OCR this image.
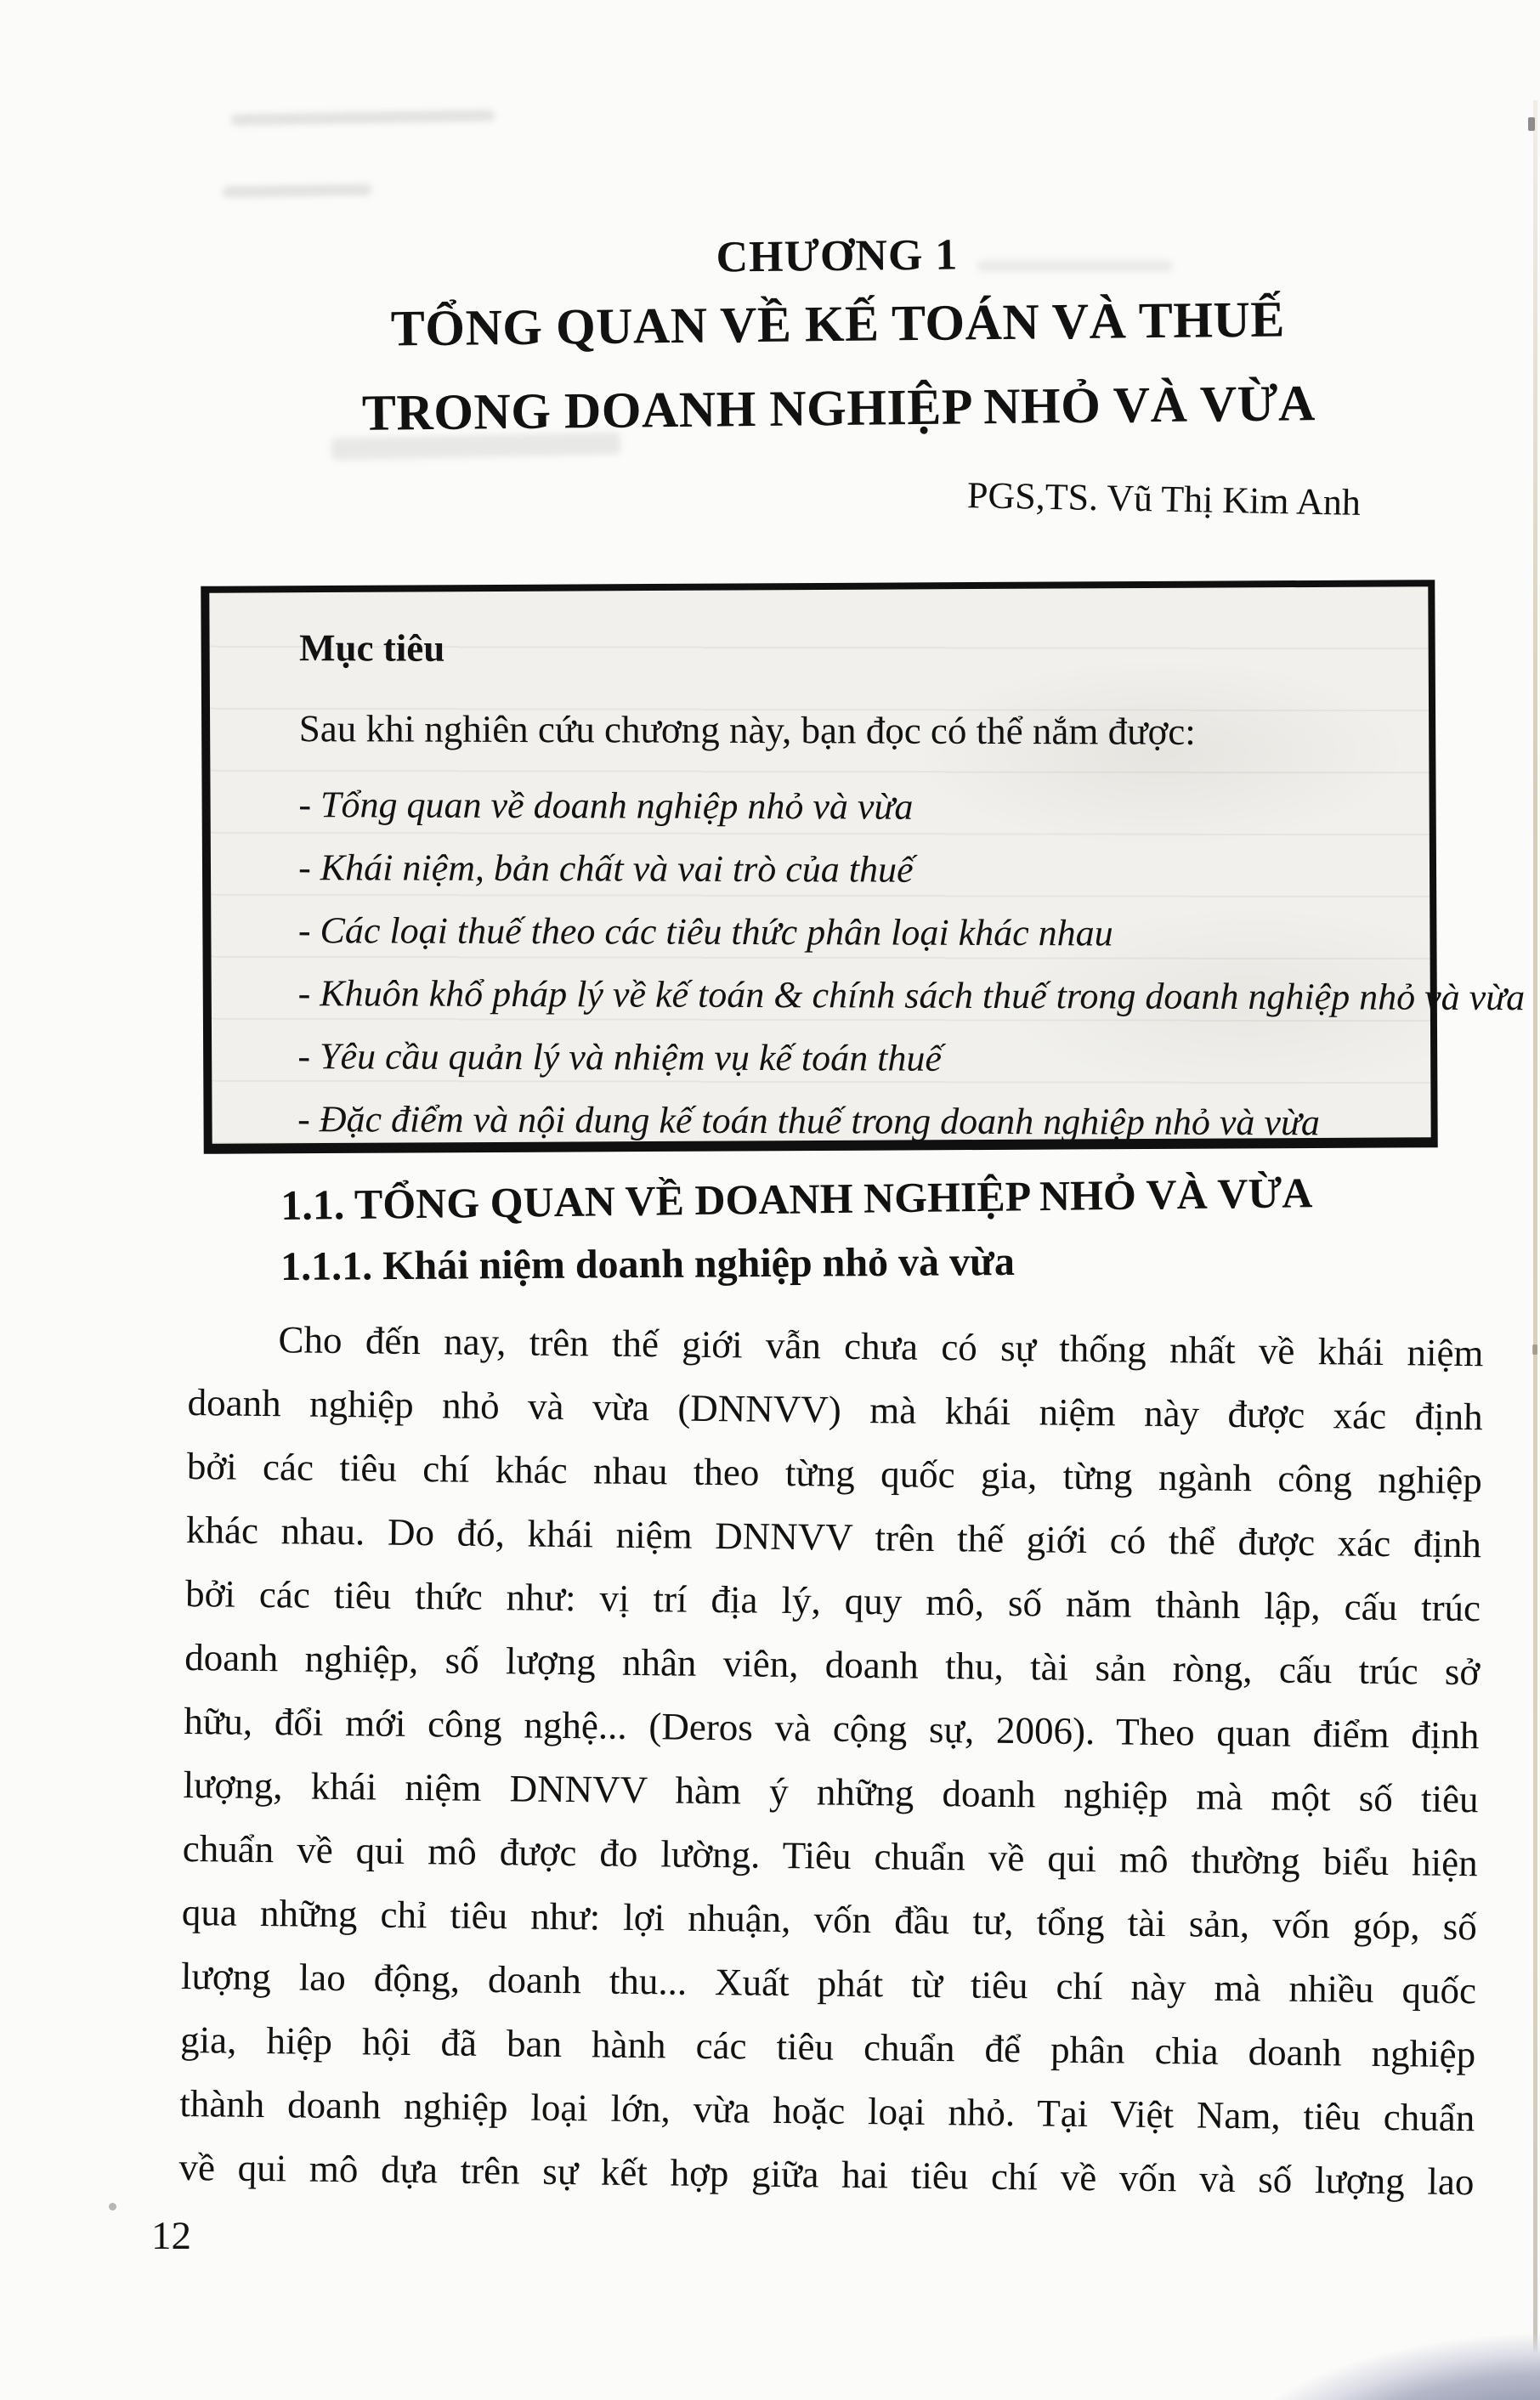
CHƯƠNG 1
TỔNG QUAN VỀ KẾ TOÁN VÀ THUẾ
TRONG DOANH NGHIỆP NHỎ VÀ VỪA
PGS,TS. Vũ Thị Kim Anh
Mục tiêu
Sau khi nghiên cứu chương này, bạn đọc có thể nắm được:
- Tổng quan về doanh nghiệp nhỏ và vừa
- Khái niệm, bản chất và vai trò của thuế
- Các loại thuế theo các tiêu thức phân loại khác nhau
- Khuôn khổ pháp lý về kế toán & chính sách thuế trong doanh nghiệp nhỏ và vừa
- Yêu cầu quản lý và nhiệm vụ kế toán thuế
- Đặc điểm và nội dung kế toán thuế trong doanh nghiệp nhỏ và vừa
1.1. TỔNG QUAN VỀ DOANH NGHIỆP NHỎ VÀ VỪA
1.1.1. Khái niệm doanh nghiệp nhỏ và vừa
Cho đến nay, trên thế giới vẫn chưa có sự thống nhất về khái niệm
doanh nghiệp nhỏ và vừa (DNNVV) mà khái niệm này được xác định
bởi các tiêu chí khác nhau theo từng quốc gia, từng ngành công nghiệp
khác nhau. Do đó, khái niệm DNNVV trên thế giới có thể được xác định
bởi các tiêu thức như: vị trí địa lý, quy mô, số năm thành lập, cấu trúc
doanh nghiệp, số lượng nhân viên, doanh thu, tài sản ròng, cấu trúc sở
hữu, đổi mới công nghệ... (Deros và cộng sự, 2006). Theo quan điểm định
lượng, khái niệm DNNVV hàm ý những doanh nghiệp mà một số tiêu
chuẩn về qui mô được đo lường. Tiêu chuẩn về qui mô thường biểu hiện
qua những chỉ tiêu như: lợi nhuận, vốn đầu tư, tổng tài sản, vốn góp, số
lượng lao động, doanh thu... Xuất phát từ tiêu chí này mà nhiều quốc
gia, hiệp hội đã ban hành các tiêu chuẩn để phân chia doanh nghiệp
thành doanh nghiệp loại lớn, vừa hoặc loại nhỏ. Tại Việt Nam, tiêu chuẩn
về qui mô dựa trên sự kết hợp giữa hai tiêu chí về vốn và số lượng lao
12
